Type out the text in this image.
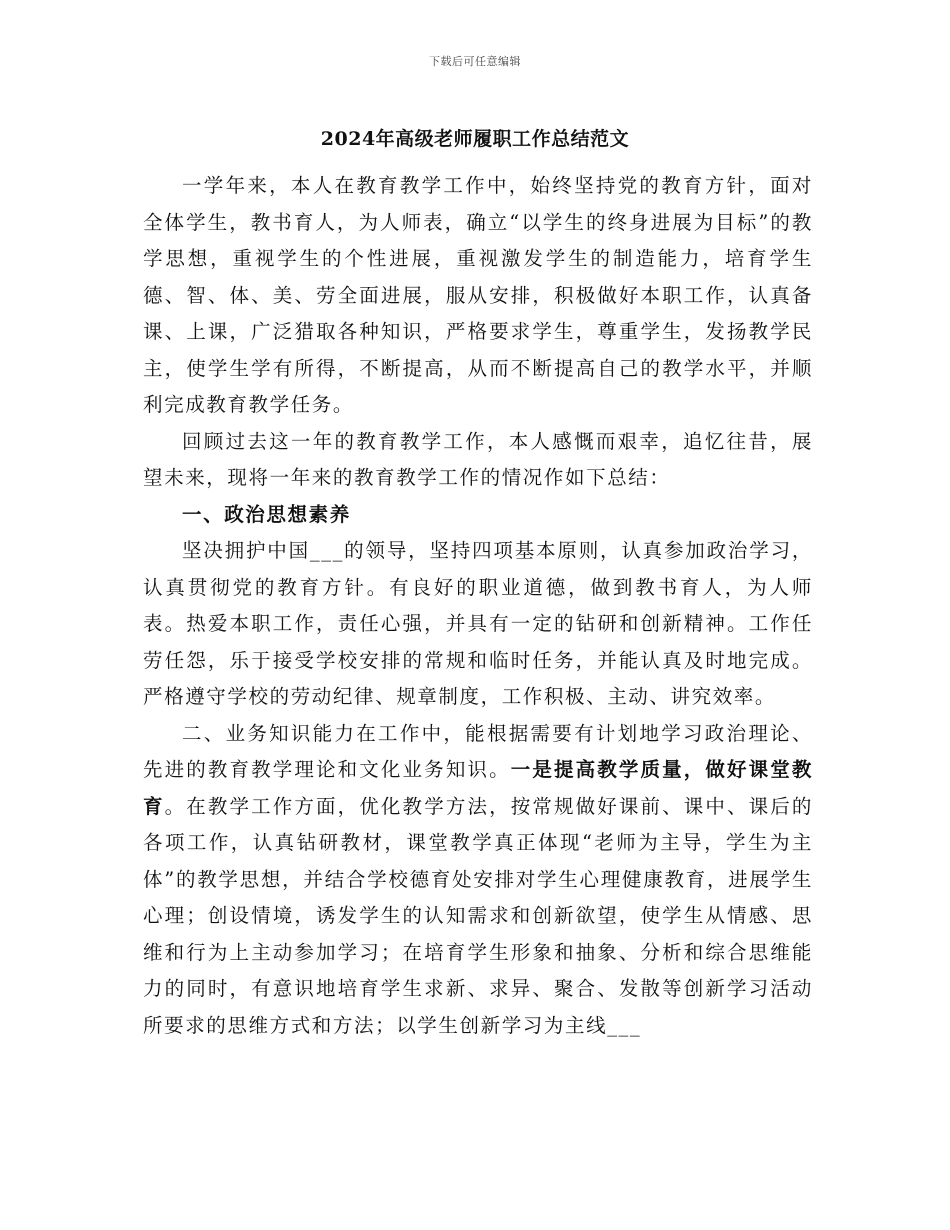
下载后可任意编辑
2024年高级老师履职工作总结范文

一学年来，本人在教育教学工作中，始终坚持党的教育方针，面对全体学生，教书育人，为人师表，确立“以学生的终身进展为目标”的教学思想，重视学生的个性进展，重视激发学生的制造能力，培育学生德、智、体、美、劳全面进展，服从安排，积极做好本职工作，认真备课、上课，广泛猎取各种知识，严格要求学生，尊重学生，发扬教学民主，使学生学有所得，不断提高，从而不断提高自己的教学水平，并顺利完成教育教学任务。

回顾过去这一年的教育教学工作，本人感慨而艰幸，追忆往昔，展望未来，现将一年来的教育教学工作的情况作如下总结：

一、政治思想素养

坚决拥护中国___的领导，坚持四项基本原则，认真参加政治学习，认真贯彻党的教育方针。有良好的职业道德，做到教书育人，为人师表。热爱本职工作，责任心强，并具有一定的钻研和创新精神。工作任劳任怨，乐于接受学校安排的常规和临时任务，并能认真及时地完成。严格遵守学校的劳动纪律、规章制度，工作积极、主动、讲究效率。

二、业务知识能力在工作中，能根据需要有计划地学习政治理论、先进的教育教学理论和文化业务知识。一是提高教学质量，做好课堂教育。在教学工作方面，优化教学方法，按常规做好课前、课中、课后的各项工作，认真钻研教材，课堂教学真正体现“老师为主导，学生为主体”的教学思想，并结合学校德育处安排对学生心理健康教育，进展学生心理；创设情境，诱发学生的认知需求和创新欲望，使学生从情感、思维和行为上主动参加学习；在培育学生形象和抽象、分析和综合思维能力的同时，有意识地培育学生求新、求异、聚合、发散等创新学习活动所要求的思维方式和方法；以学生创新学习为主线___
